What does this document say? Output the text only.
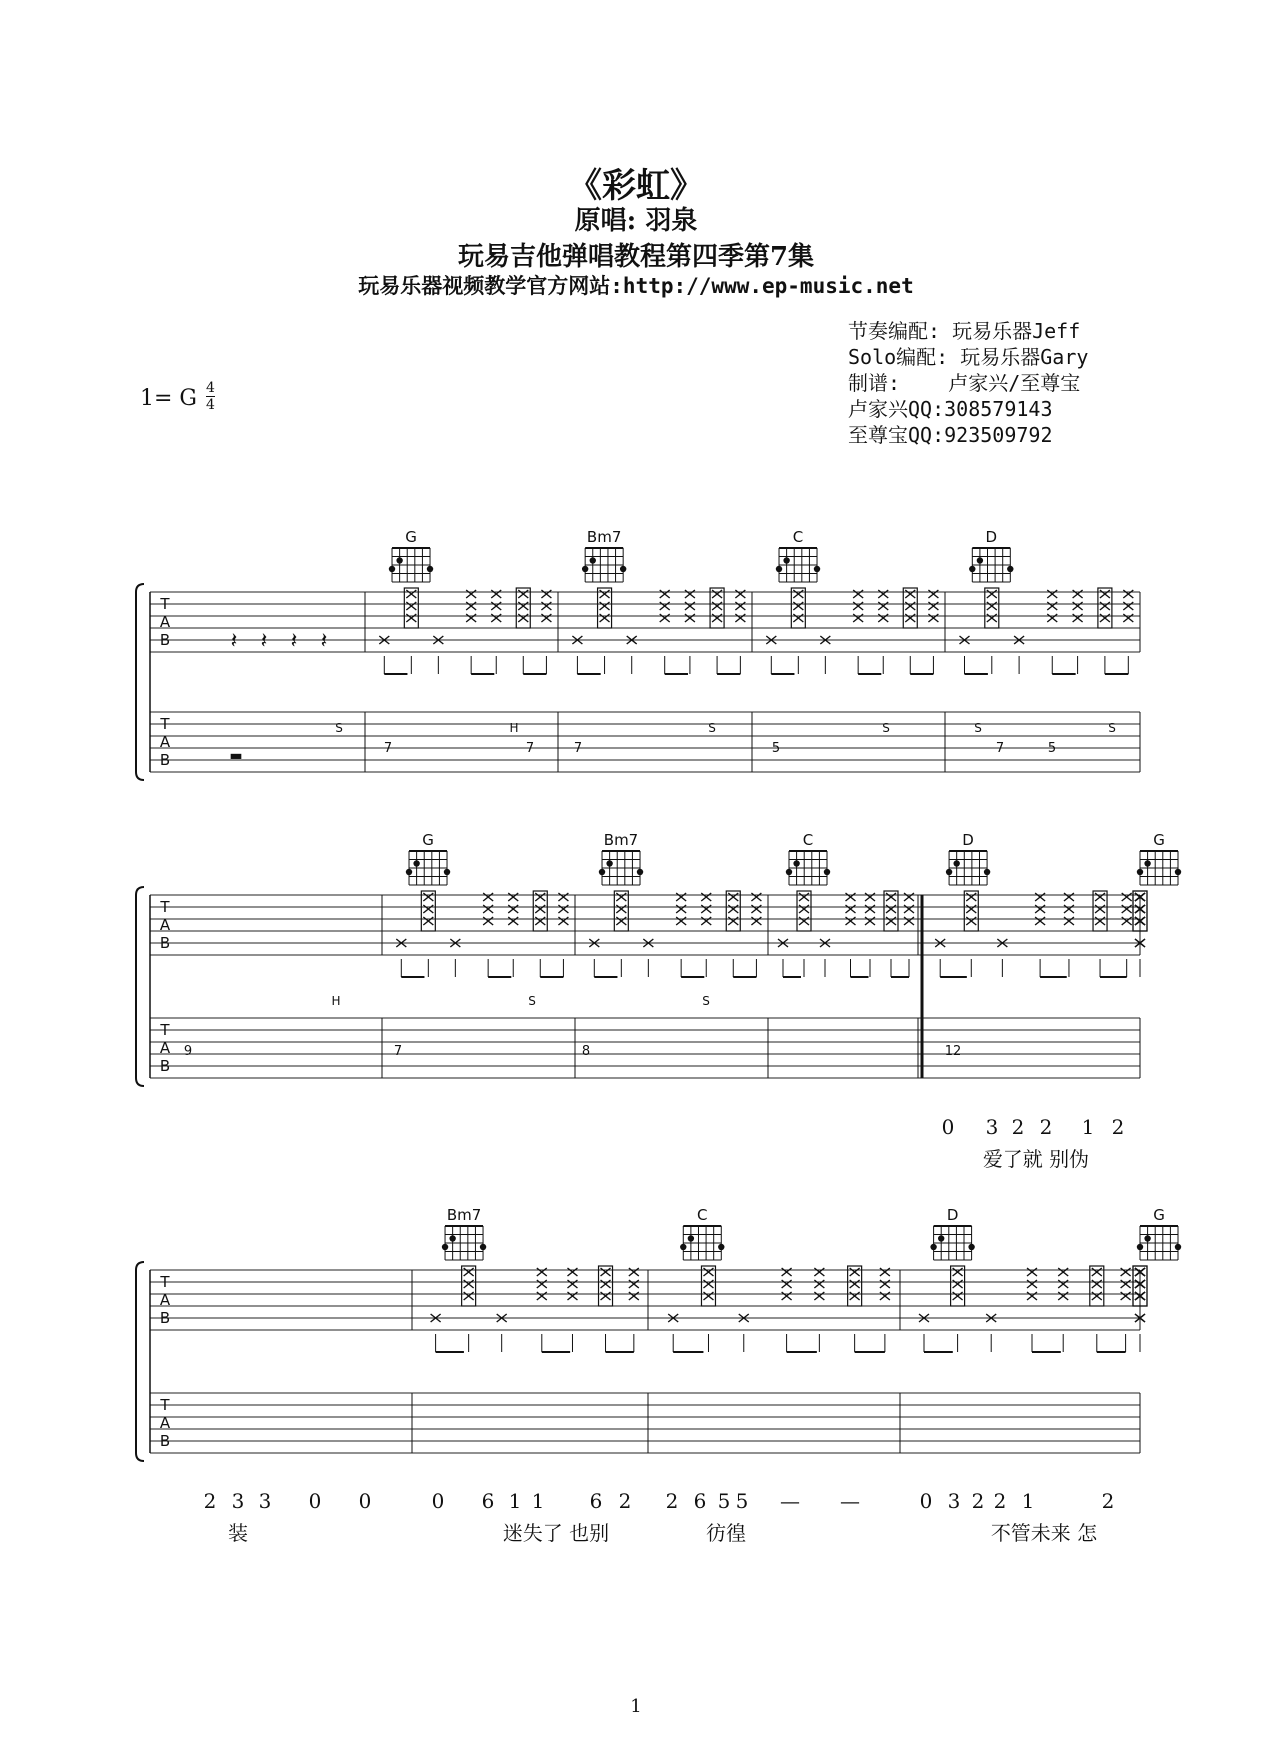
《彩虹》
原唱: 羽泉
玩易吉他弹唱教程第四季第7集
玩易乐器视频教学官方网站:http://www.ep-music.net
节奏编配: 玩易乐器Jeff
Solo编配: 玩易乐器Gary
制谱:    卢家兴/至尊宝
卢家兴QQ:308579143
至尊宝QQ:923509792
1= G 4
4
T
A
B
T
A
B
G	Bm7	C	D
𝄽 𝄽 𝄽 𝄽
▬	7	7	7	5	7	5
S	H	S	S	S	S
T
A
B
T
A
B
G	Bm7	C	D	G
9	7	8	12
H	S	S
0 3 2 2 1 2
爱了就 别伪
T
A
B
T
A
B
Bm7	C	D	G
2 3 3 0 0	0 6 1 1 6 2 2 6 5 5 — —	0 3 2 2 1	2
装	迷失了 也别	彷徨	不管未来 怎
1
